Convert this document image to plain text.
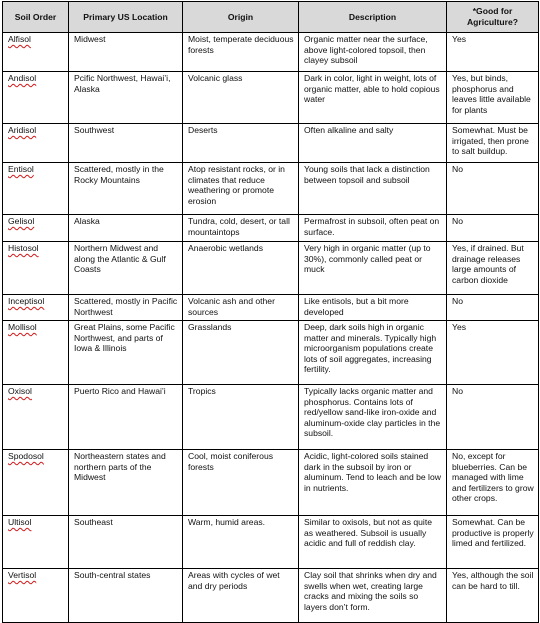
Soil Order	Primary US Location	Origin	Description	*Good for Agriculture?
Alfisol	Midwest	Moist, temperate deciduous forests	Organic matter near the surface, above light-colored topsoil, then clayey subsoil	Yes
Andisol	Pcific Northwest, Hawai’i, Alaska	Volcanic glass	Dark in color, light in weight, lots of organic matter, able to hold copious water	Yes, but binds, phosphorus and leaves little available for plants
Aridisol	Southwest	Deserts	Often alkaline and salty	Somewhat. Must be irrigated, then prone to salt buildup.
Entisol	Scattered, mostly in the Rocky Mountains	Atop resistant rocks, or in climates that reduce weathering or promote erosion	Young soils that lack a distinction between topsoil and subsoil	No
Gelisol	Alaska	Tundra, cold, desert, or tall mountaintops	Permafrost in subsoil, often peat on surface.	No
Histosol	Northern Midwest and along the Atlantic & Gulf Coasts	Anaerobic wetlands	Very high in organic matter (up to 30%), commonly called peat or muck	Yes, if drained. But drainage releases large amounts of carbon dioxide
Inceptisol	Scattered, mostly in Pacific Northwest	Volcanic ash and other sources	Like entisols, but a bit more developed	No
Mollisol	Great Plains, some Pacific Northwest, and parts of Iowa & Illinois	Grasslands	Deep, dark soils high in organic matter and minerals. Typically high microorganism populations create lots of soil aggregates, increasing fertility.	Yes
Oxisol	Puerto Rico and Hawai’i	Tropics	Typically lacks organic matter and phosphorus. Contains lots of red/yellow sand-like iron-oxide and aluminum-oxide clay particles in the subsoil.	No
Spodosol	Northeastern states and northern parts of the Midwest	Cool, moist coniferous forests	Acidic, light-colored soils stained dark in the subsoil by iron or aluminum. Tend to leach and be low in nutrients.	No, except for blueberries. Can be managed with lime and fertilizers to grow other crops.
Ultisol	Southeast	Warm, humid areas.	Similar to oxisols, but not as quite as weathered. Subsoil is usually acidic and full of reddish clay.	Somewhat. Can be productive is properly limed and fertilized.
Vertisol	South-central states	Areas with cycles of wet and dry periods	Clay soil that shrinks when dry and swells when wet, creating large cracks and mixing the soils so layers don’t form.	Yes, although the soil can be hard to till.
